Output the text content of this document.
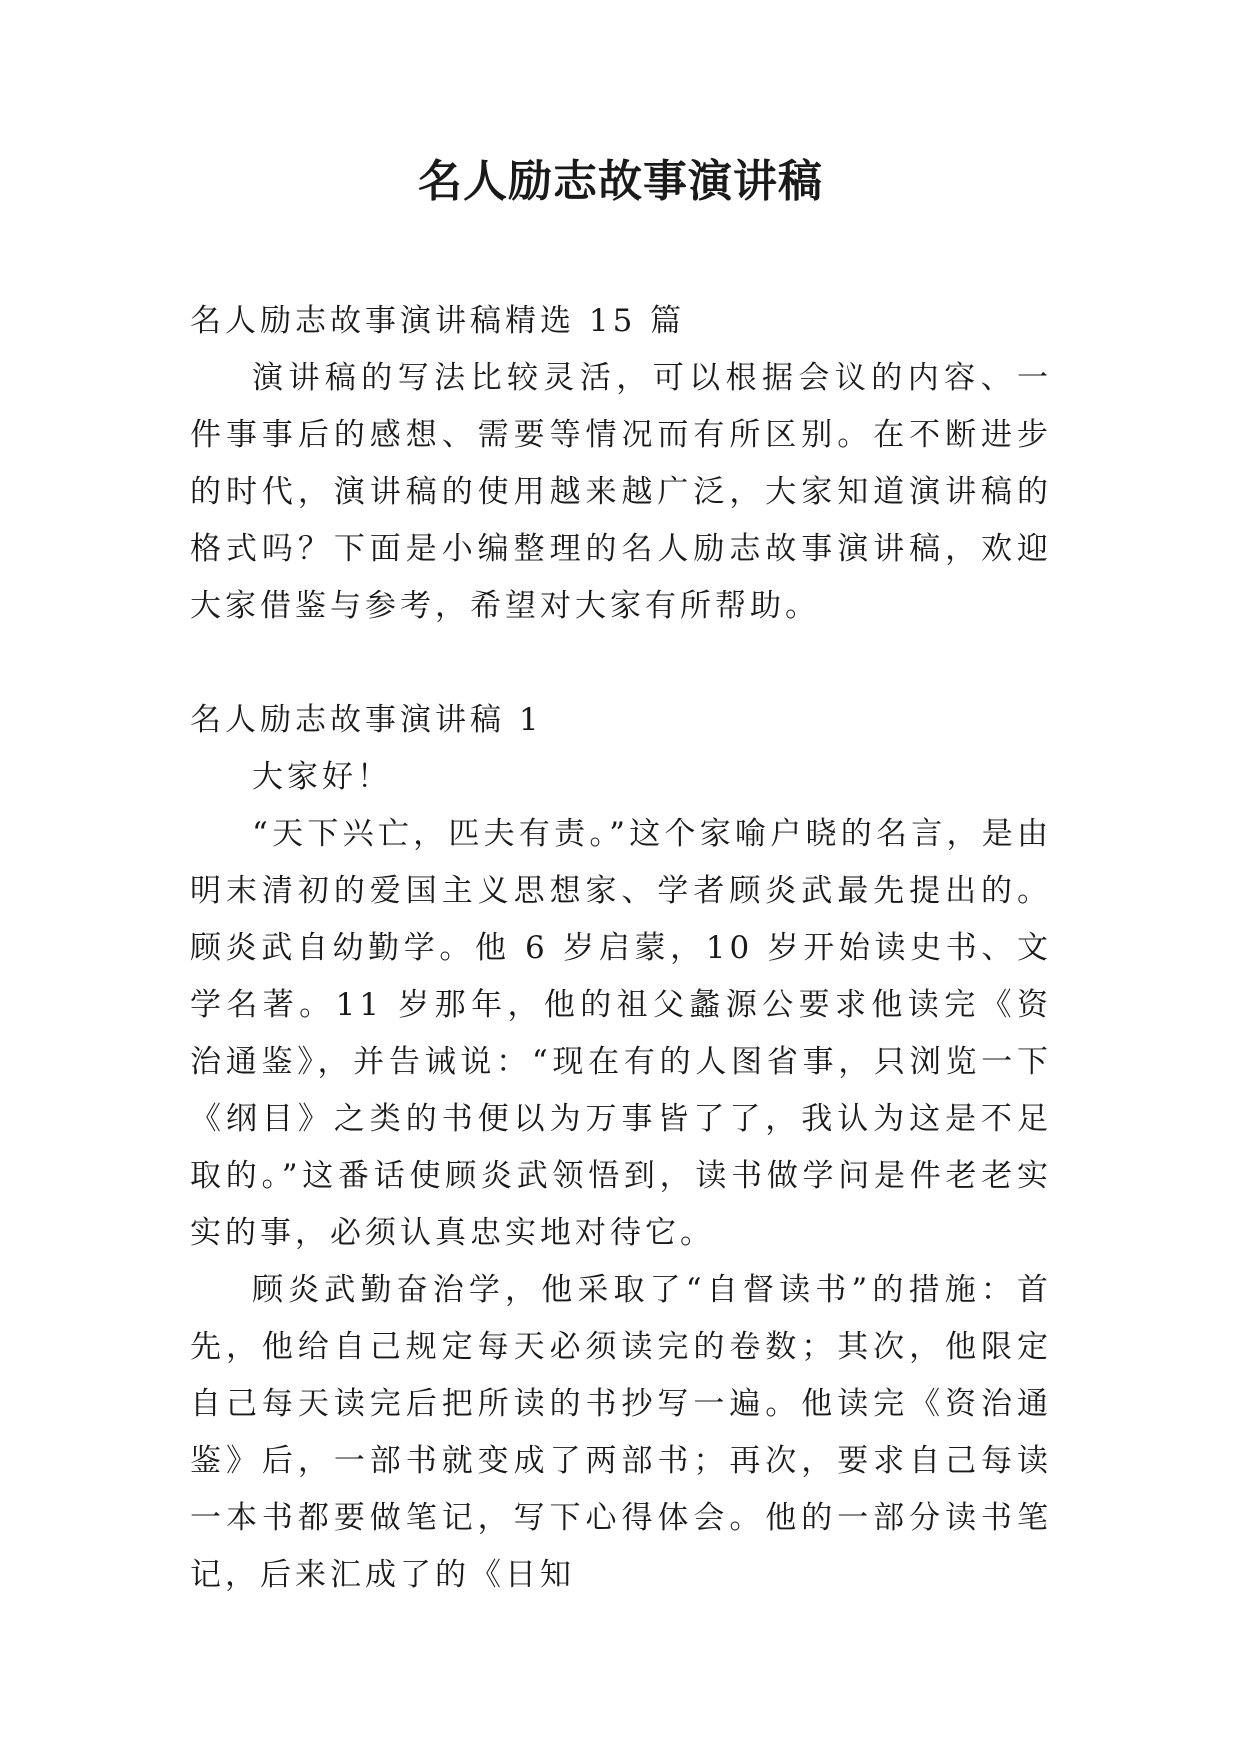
名人励志故事演讲稿

名人励志故事演讲稿精选 15 篇

演讲稿的写法比较灵活，可以根据会议的内容、一件事事后的感想、需要等情况而有所区别。在不断进步的时代，演讲稿的使用越来越广泛，大家知道演讲稿的格式吗？下面是小编整理的名人励志故事演讲稿，欢迎大家借鉴与参考，希望对大家有所帮助。

名人励志故事演讲稿 1

大家好！

“天下兴亡，匹夫有责。”这个家喻户晓的名言，是由明末清初的爱国主义思想家、学者顾炎武最先提出的。顾炎武自幼勤学。他 6 岁启蒙，10 岁开始读史书、文学名著。11 岁那年，他的祖父蠡源公要求他读完《资治通鉴》，并告诫说：“现在有的人图省事，只浏览一下《纲目》之类的书便以为万事皆了了，我认为这是不足取的。”这番话使顾炎武领悟到，读书做学问是件老老实实的事，必须认真忠实地对待它。

顾炎武勤奋治学，他采取了“自督读书”的措施：首先，他给自己规定每天必须读完的卷数；其次，他限定自己每天读完后把所读的书抄写一遍。他读完《资治通鉴》后，一部书就变成了两部书；再次，要求自己每读一本书都要做笔记，写下心得体会。他的一部分读书笔记，后来汇成了的《日知
